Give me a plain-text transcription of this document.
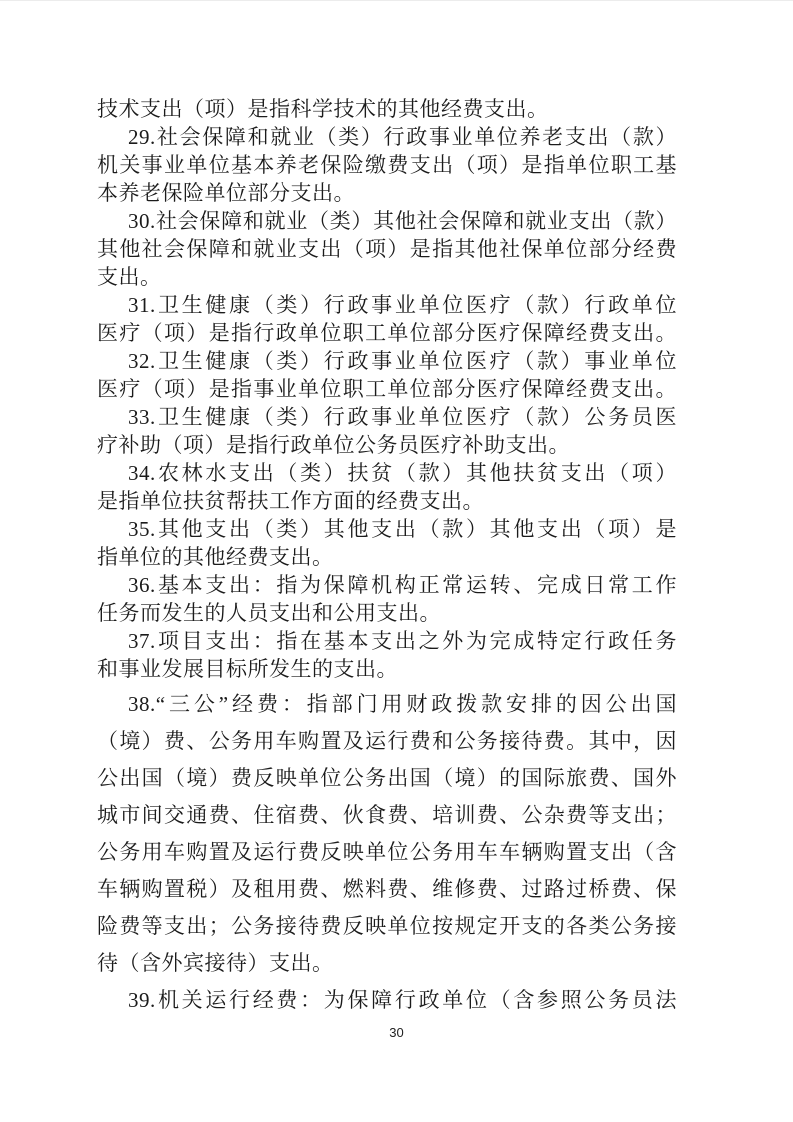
技术支出（项）是指科学技术的其他经费支出。
29.社会保障和就业（类）行政事业单位养老支出（款）
机关事业单位基本养老保险缴费支出（项）是指单位职工基
本养老保险单位部分支出。
30.社会保障和就业（类）其他社会保障和就业支出（款）
其他社会保障和就业支出（项）是指其他社保单位部分经费
支出。
31.卫生健康（类）行政事业单位医疗（款）行政单位
医疗（项）是指行政单位职工单位部分医疗保障经费支出。
32.卫生健康（类）行政事业单位医疗（款）事业单位
医疗（项）是指事业单位职工单位部分医疗保障经费支出。
33.卫生健康（类）行政事业单位医疗（款）公务员医
疗补助（项）是指行政单位公务员医疗补助支出。
34.农林水支出（类）扶贫（款）其他扶贫支出（项）
是指单位扶贫帮扶工作方面的经费支出。
35.其他支出（类）其他支出（款）其他支出（项）是
指单位的其他经费支出。
36.基本支出：指为保障机构正常运转、完成日常工作
任务而发生的人员支出和公用支出。
37.项目支出：指在基本支出之外为完成特定行政任务
和事业发展目标所发生的支出。
38.“三公”经费：指部门用财政拨款安排的因公出国
（境）费、公务用车购置及运行费和公务接待费。其中，因
公出国（境）费反映单位公务出国（境）的国际旅费、国外
城市间交通费、住宿费、伙食费、培训费、公杂费等支出；
公务用车购置及运行费反映单位公务用车车辆购置支出（含
车辆购置税）及租用费、燃料费、维修费、过路过桥费、保
险费等支出；公务接待费反映单位按规定开支的各类公务接
待（含外宾接待）支出。
39.机关运行经费：为保障行政单位（含参照公务员法
30
